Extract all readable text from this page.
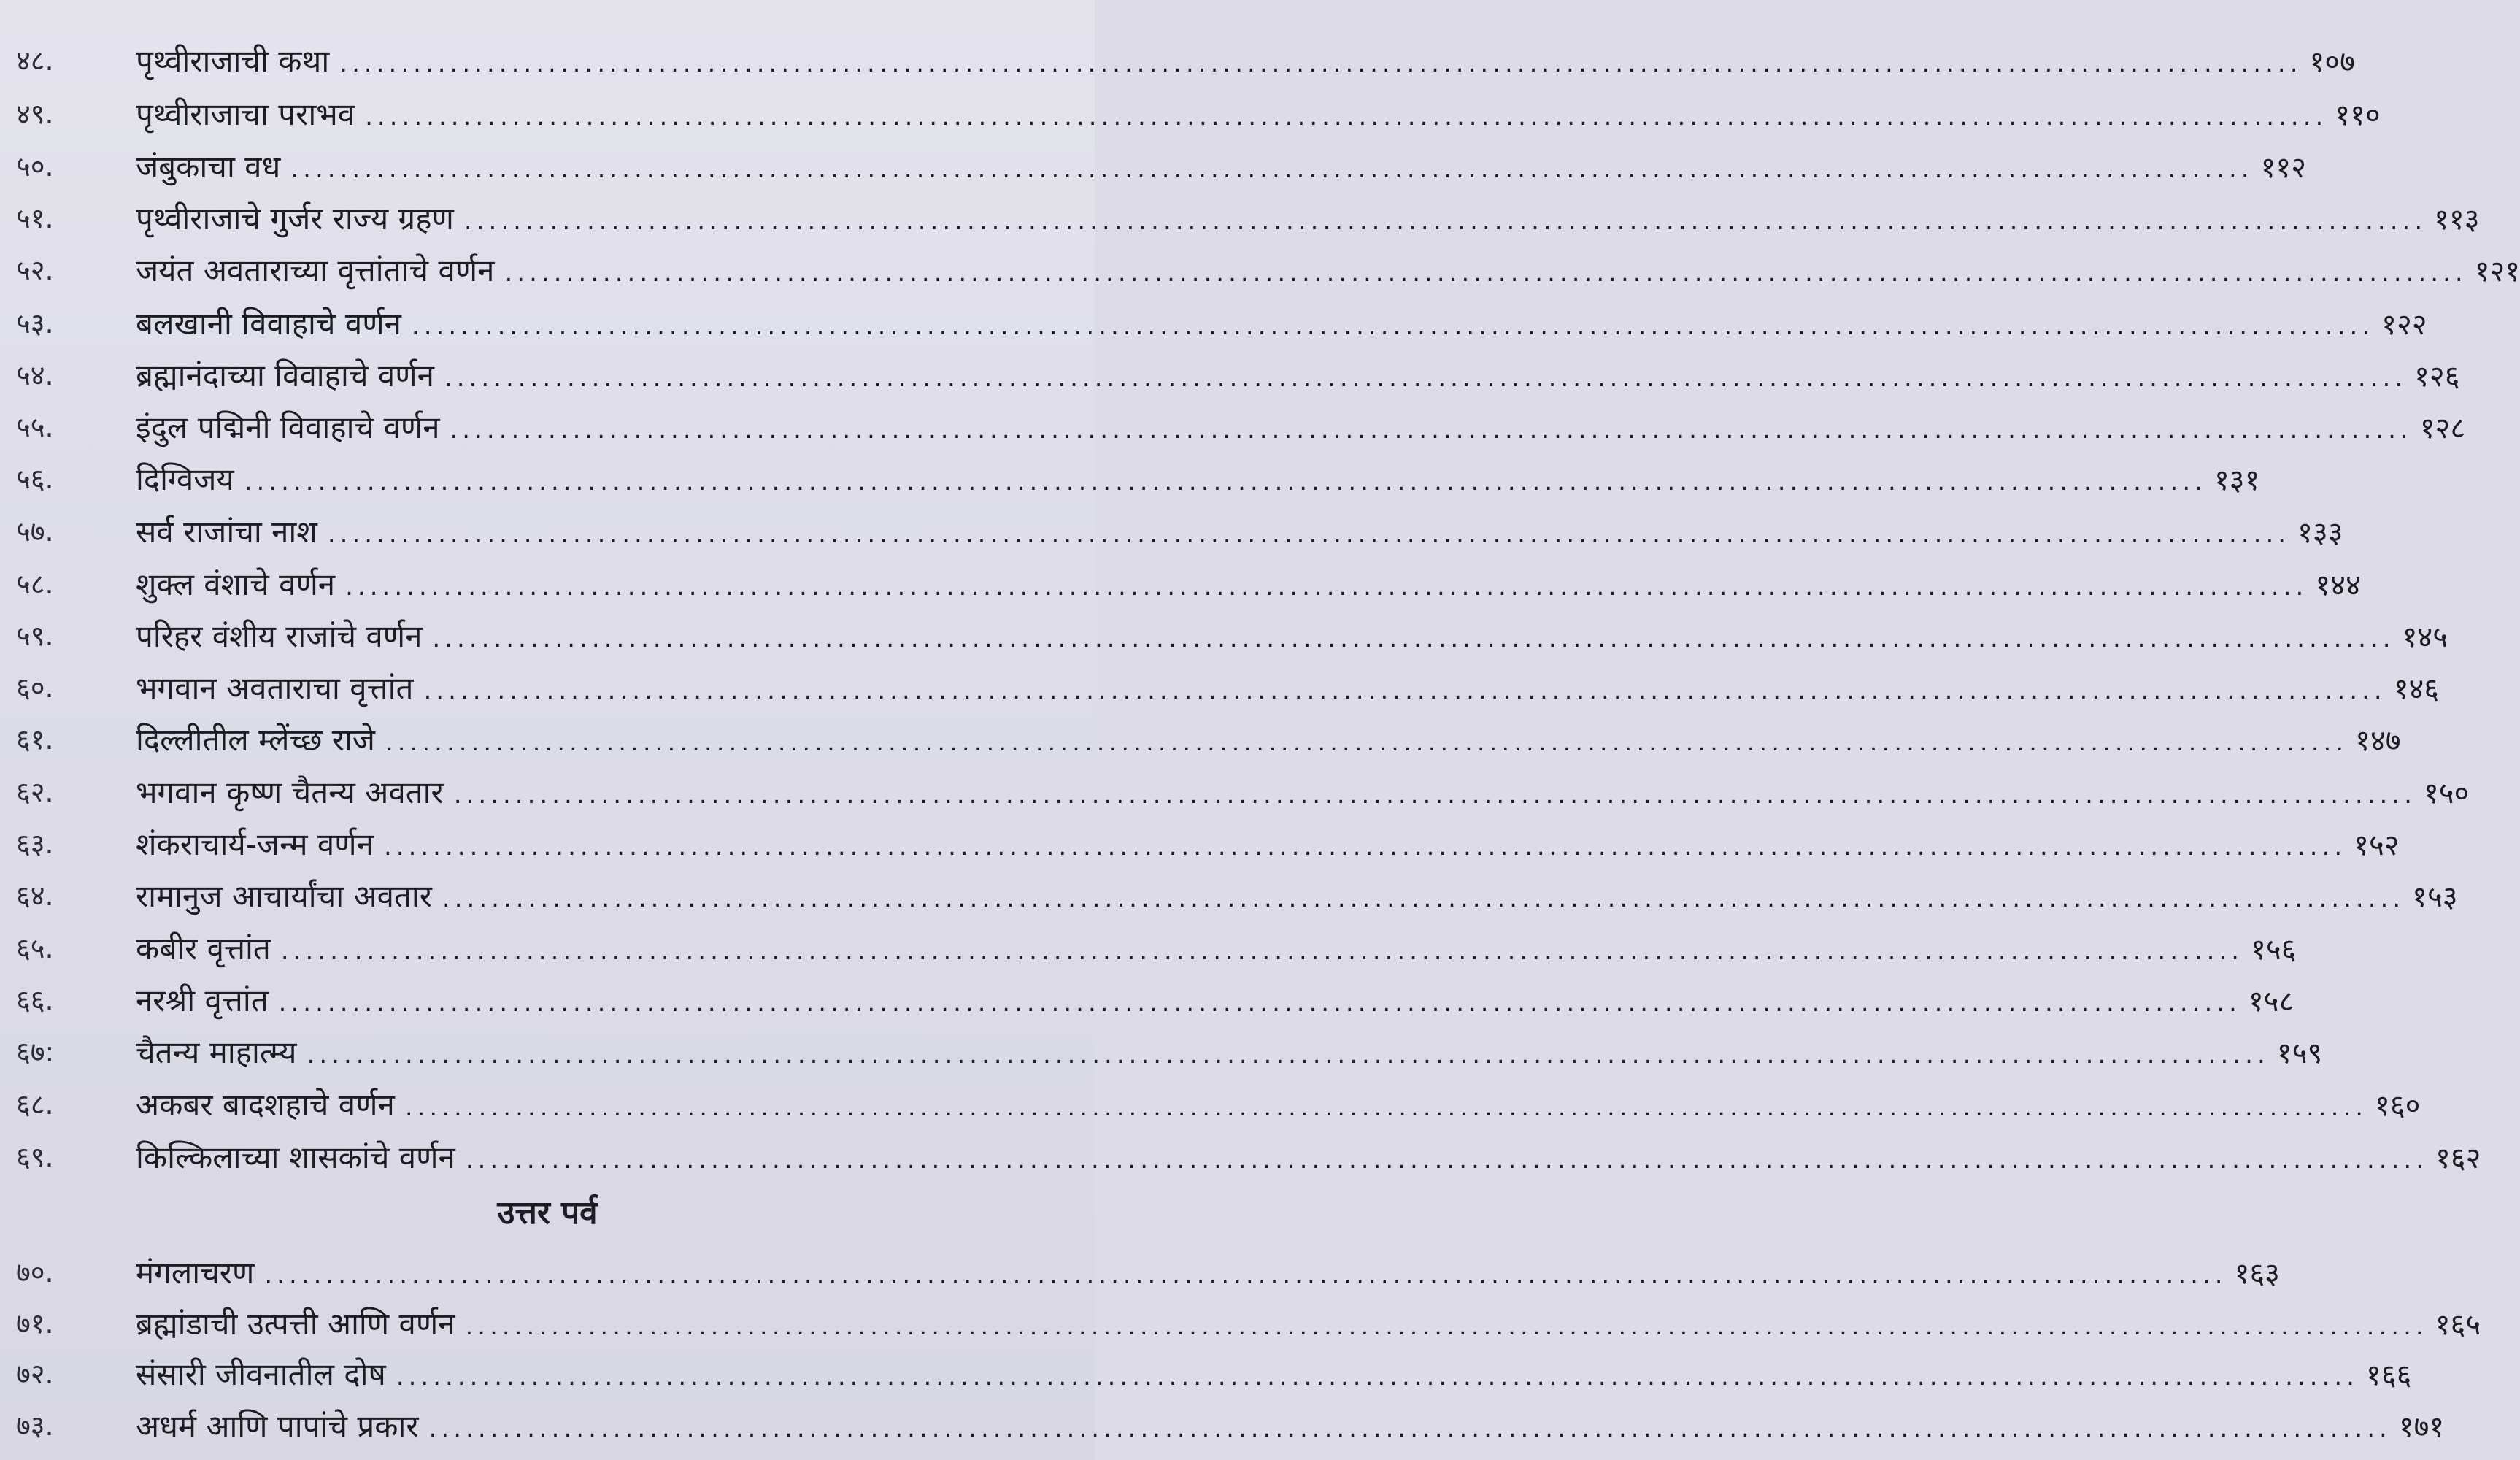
४८.	पृथ्वीराजाची कथा ................................................................................................................................................................ १०७
४९.	पृथ्वीराजाचा पराभव ................................................................................................................................................................ ११०
५०.	जंबुकाचा वध ................................................................................................................................................................ ११२
५१.	पृथ्वीराजाचे गुर्जर राज्य ग्रहण ................................................................................................................................................................ ११३
५२.	जयंत अवताराच्या वृत्तांताचे वर्णन ................................................................................................................................................................ १२१
५३.	बलखानी विवाहाचे वर्णन ................................................................................................................................................................ १२२
५४.	ब्रह्मानंदाच्या विवाहाचे वर्णन ................................................................................................................................................................ १२६
५५.	इंदुल पद्मिनी विवाहाचे वर्णन ................................................................................................................................................................ १२८
५६.	दिग्विजय ................................................................................................................................................................ १३१
५७.	सर्व राजांचा नाश ................................................................................................................................................................ १३३
५८.	शुक्ल वंशाचे वर्णन ................................................................................................................................................................ १४४
५९.	परिहर वंशीय राजांचे वर्णन ................................................................................................................................................................ १४५
६०.	भगवान अवताराचा वृत्तांत ................................................................................................................................................................ १४६
६१.	दिल्लीतील म्लेंच्छ राजे ................................................................................................................................................................ १४७
६२.	भगवान कृष्ण चैतन्य अवतार ................................................................................................................................................................ १५०
६३.	शंकराचार्य-जन्म वर्णन ................................................................................................................................................................ १५२
६४.	रामानुज आचार्यांचा अवतार ................................................................................................................................................................ १५३
६५.	कबीर वृत्तांत ................................................................................................................................................................ १५६
६६.	नरश्री वृत्तांत ................................................................................................................................................................ १५८
६७:	चैतन्य माहात्म्य ................................................................................................................................................................ १५९
६८.	अकबर बादशहाचे वर्णन ................................................................................................................................................................ १६०
६९.	किल्किलाच्या शासकांचे वर्णन ................................................................................................................................................................ १६२
उत्तर पर्व
७०.	मंगलाचरण ................................................................................................................................................................ १६३
७१.	ब्रह्मांडाची उत्पत्ती आणि वर्णन ................................................................................................................................................................ १६५
७२.	संसारी जीवनातील दोष ................................................................................................................................................................ १६६
७३.	अधर्म आणि पापांचे प्रकार ................................................................................................................................................................ १७१
